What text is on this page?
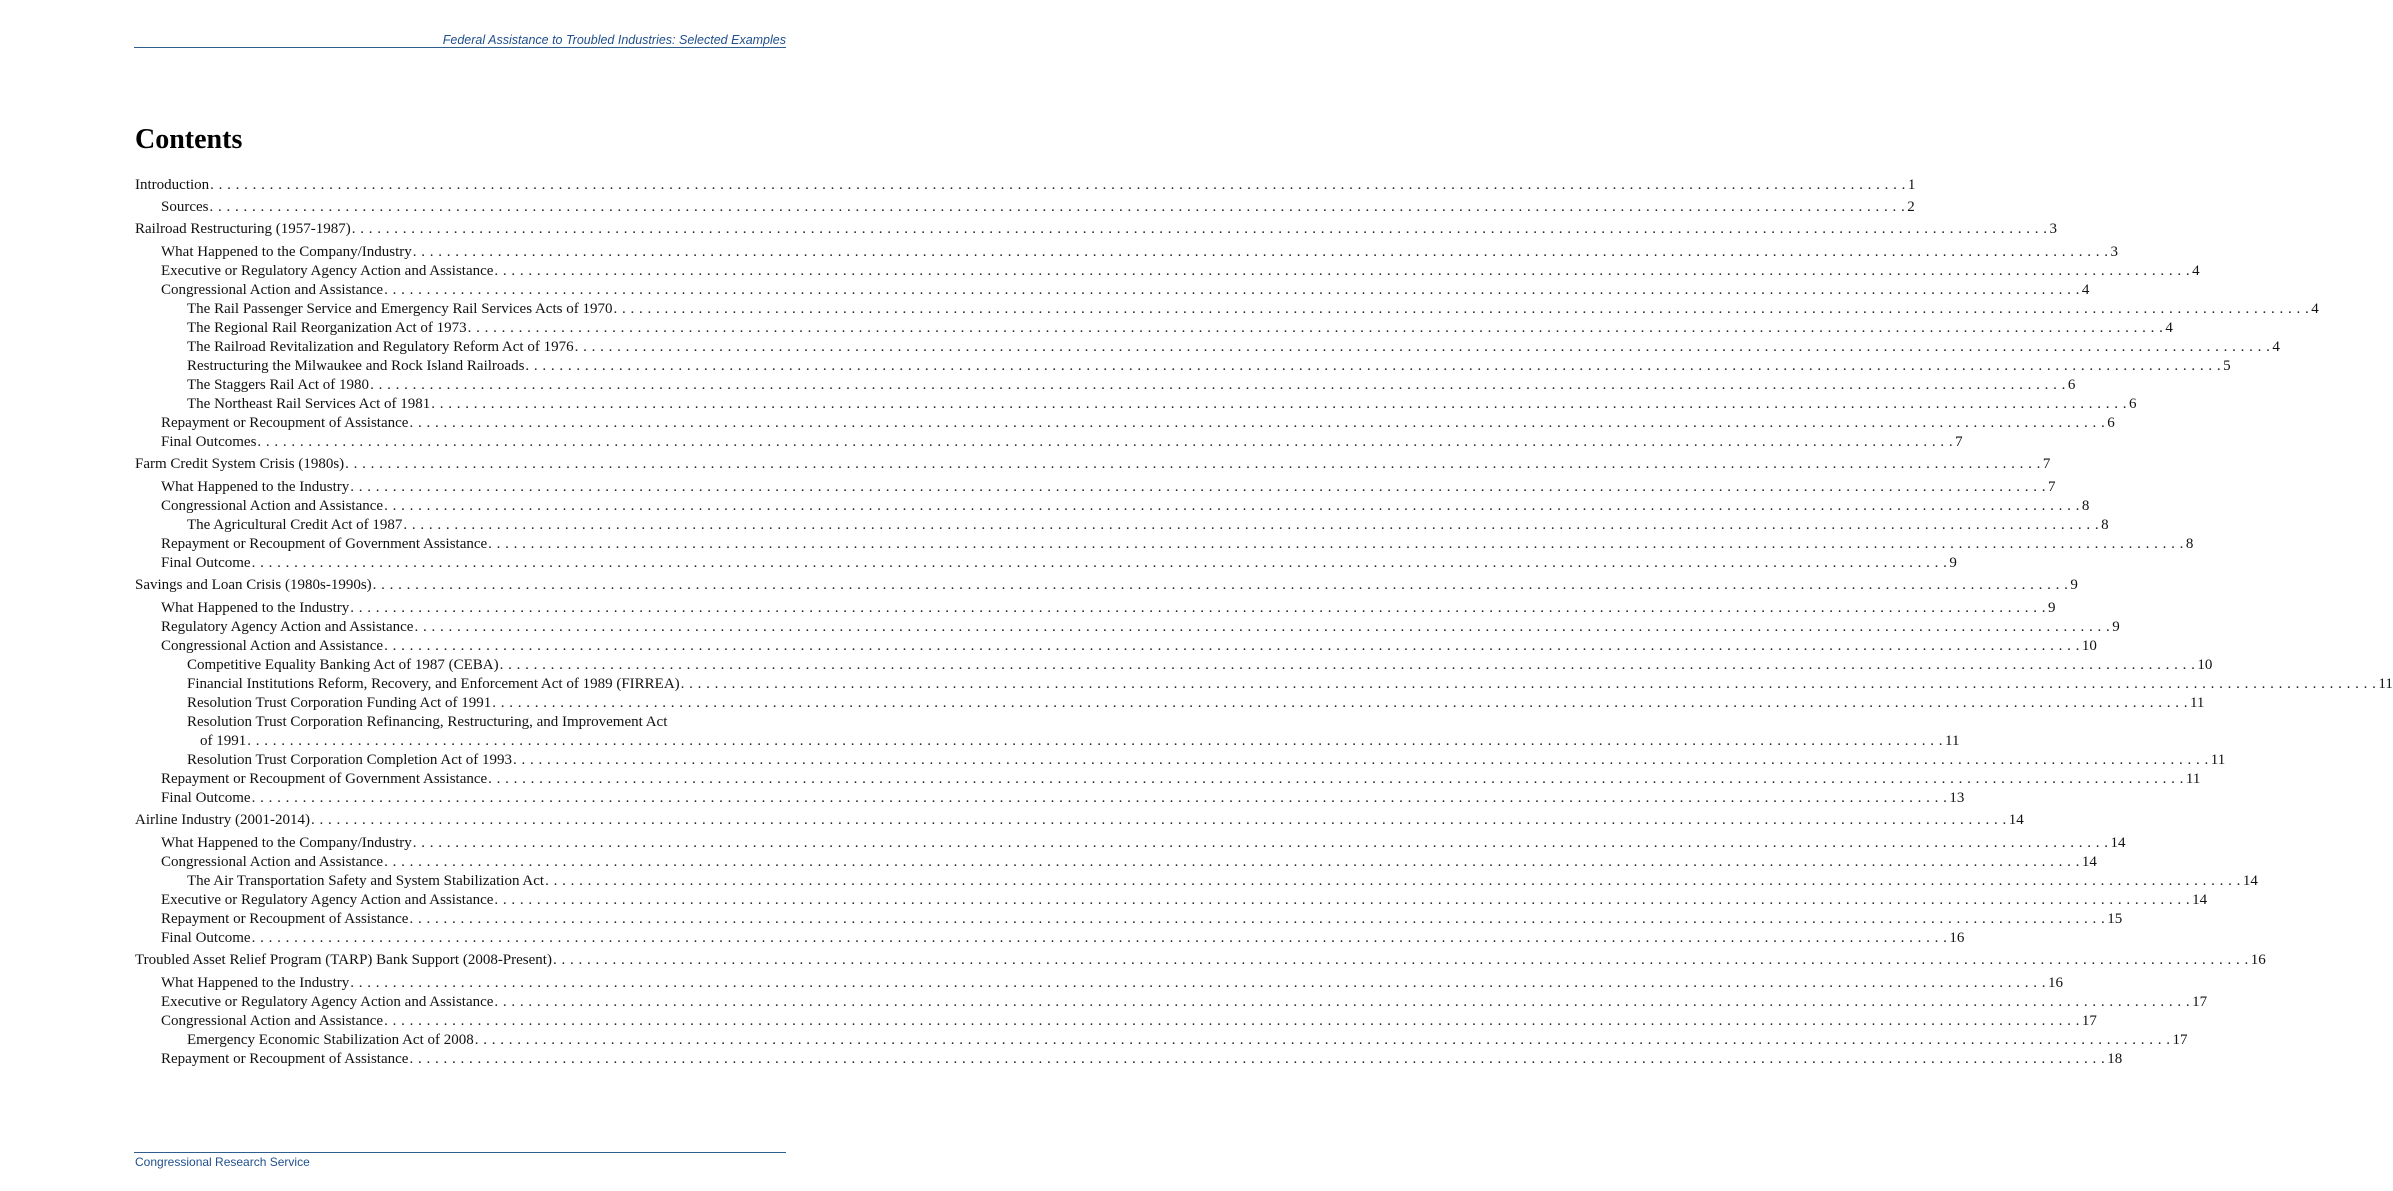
Federal Assistance to Troubled Industries: Selected Examples
Contents
Introduction . . . . . . . . . . . . . . . . . . . . . . . . . . . . . . . . . . . . . . . . . . . . . . . . . . . . . . . . . . . . . . . . . . . . . . . . . . . . . . . . . . . . . . . . . . . . . . . . . . . . . . . . . . . . . . . . . . . . . . . . . . . . . . . . . . . . . . . . . . . . . . . . . . . . . . . . . . . . . . . . . . . . . . . . . . . . . . . . . . . . . . . . . . . . . . . . . . . . . . . . 1
Sources . . . . . . . . . . . . . . . . . . . . . . . . . . . . . . . . . . . . . . . . . . . . . . . . . . . . . . . . . . . . . . . . . . . . . . . . . . . . . . . . . . . . . . . . . . . . . . . . . . . . . . . . . . . . . . . . . . . . . . . . . . . . . . . . . . . . . . . . . . . . . . . . . . . . . . . . . . . . . . . . . . . . . . . . . . . . . . . . . . . . . . . . . . . . . . . . . . . . . . . . 2
Railroad Restructuring (1957-1987) . . . . . . . . . . . . . . . . . . . . . . . . . . . . . . . . . . . . . . . . . . . . . . . . . . . . . . . . . . . . . . . . . . . . . . . . . . . . . . . . . . . . . . . . . . . . . . . . . . . . . . . . . . . . . . . . . . . . . . . . . . . . . . . . . . . . . . . . . . . . . . . . . . . . . . . . . . . . . . . . . . . . . . . . . . . . . . . . . . . . . . . . . . . . . . . . . . . . . . . . 3
What Happened to the Company/Industry . . . . . . . . . . . . . . . . . . . . . . . . . . . . . . . . . . . . . . . . . . . . . . . . . . . . . . . . . . . . . . . . . . . . . . . . . . . . . . . . . . . . . . . . . . . . . . . . . . . . . . . . . . . . . . . . . . . . . . . . . . . . . . . . . . . . . . . . . . . . . . . . . . . . . . . . . . . . . . . . . . . . . . . . . . . . . . . . . . . . . . . . . . . . . . . . . . . . . . . . 3
Executive or Regulatory Agency Action and Assistance . . . . . . . . . . . . . . . . . . . . . . . . . . . . . . . . . . . . . . . . . . . . . . . . . . . . . . . . . . . . . . . . . . . . . . . . . . . . . . . . . . . . . . . . . . . . . . . . . . . . . . . . . . . . . . . . . . . . . . . . . . . . . . . . . . . . . . . . . . . . . . . . . . . . . . . . . . . . . . . . . . . . . . . . . . . . . . . . . . . . . . . . . . . . . . . . . . . . . . . . 4
Congressional Action and Assistance . . . . . . . . . . . . . . . . . . . . . . . . . . . . . . . . . . . . . . . . . . . . . . . . . . . . . . . . . . . . . . . . . . . . . . . . . . . . . . . . . . . . . . . . . . . . . . . . . . . . . . . . . . . . . . . . . . . . . . . . . . . . . . . . . . . . . . . . . . . . . . . . . . . . . . . . . . . . . . . . . . . . . . . . . . . . . . . . . . . . . . . . . . . . . . . . . . . . . . . . 4
The Rail Passenger Service and Emergency Rail Services Acts of 1970 . . . . . . . . . . . . . . . . . . . . . . . . . . . . . . . . . . . . . . . . . . . . . . . . . . . . . . . . . . . . . . . . . . . . . . . . . . . . . . . . . . . . . . . . . . . . . . . . . . . . . . . . . . . . . . . . . . . . . . . . . . . . . . . . . . . . . . . . . . . . . . . . . . . . . . . . . . . . . . . . . . . . . . . . . . . . . . . . . . . . . . . . . . . . . . . . . . . . . . . . 4
The Regional Rail Reorganization Act of 1973 . . . . . . . . . . . . . . . . . . . . . . . . . . . . . . . . . . . . . . . . . . . . . . . . . . . . . . . . . . . . . . . . . . . . . . . . . . . . . . . . . . . . . . . . . . . . . . . . . . . . . . . . . . . . . . . . . . . . . . . . . . . . . . . . . . . . . . . . . . . . . . . . . . . . . . . . . . . . . . . . . . . . . . . . . . . . . . . . . . . . . . . . . . . . . . . . . . . . . . . . 4
The Railroad Revitalization and Regulatory Reform Act of 1976 . . . . . . . . . . . . . . . . . . . . . . . . . . . . . . . . . . . . . . . . . . . . . . . . . . . . . . . . . . . . . . . . . . . . . . . . . . . . . . . . . . . . . . . . . . . . . . . . . . . . . . . . . . . . . . . . . . . . . . . . . . . . . . . . . . . . . . . . . . . . . . . . . . . . . . . . . . . . . . . . . . . . . . . . . . . . . . . . . . . . . . . . . . . . . . . . . . . . . . . . 4
Restructuring the Milwaukee and Rock Island Railroads . . . . . . . . . . . . . . . . . . . . . . . . . . . . . . . . . . . . . . . . . . . . . . . . . . . . . . . . . . . . . . . . . . . . . . . . . . . . . . . . . . . . . . . . . . . . . . . . . . . . . . . . . . . . . . . . . . . . . . . . . . . . . . . . . . . . . . . . . . . . . . . . . . . . . . . . . . . . . . . . . . . . . . . . . . . . . . . . . . . . . . . . . . . . . . . . . . . . . . . . 5
The Staggers Rail Act of 1980 . . . . . . . . . . . . . . . . . . . . . . . . . . . . . . . . . . . . . . . . . . . . . . . . . . . . . . . . . . . . . . . . . . . . . . . . . . . . . . . . . . . . . . . . . . . . . . . . . . . . . . . . . . . . . . . . . . . . . . . . . . . . . . . . . . . . . . . . . . . . . . . . . . . . . . . . . . . . . . . . . . . . . . . . . . . . . . . . . . . . . . . . . . . . . . . . . . . . . . . . 6
The Northeast Rail Services Act of 1981 . . . . . . . . . . . . . . . . . . . . . . . . . . . . . . . . . . . . . . . . . . . . . . . . . . . . . . . . . . . . . . . . . . . . . . . . . . . . . . . . . . . . . . . . . . . . . . . . . . . . . . . . . . . . . . . . . . . . . . . . . . . . . . . . . . . . . . . . . . . . . . . . . . . . . . . . . . . . . . . . . . . . . . . . . . . . . . . . . . . . . . . . . . . . . . . . . . . . . . . . 6
Repayment or Recoupment of Assistance . . . . . . . . . . . . . . . . . . . . . . . . . . . . . . . . . . . . . . . . . . . . . . . . . . . . . . . . . . . . . . . . . . . . . . . . . . . . . . . . . . . . . . . . . . . . . . . . . . . . . . . . . . . . . . . . . . . . . . . . . . . . . . . . . . . . . . . . . . . . . . . . . . . . . . . . . . . . . . . . . . . . . . . . . . . . . . . . . . . . . . . . . . . . . . . . . . . . . . . . 6
Final Outcomes . . . . . . . . . . . . . . . . . . . . . . . . . . . . . . . . . . . . . . . . . . . . . . . . . . . . . . . . . . . . . . . . . . . . . . . . . . . . . . . . . . . . . . . . . . . . . . . . . . . . . . . . . . . . . . . . . . . . . . . . . . . . . . . . . . . . . . . . . . . . . . . . . . . . . . . . . . . . . . . . . . . . . . . . . . . . . . . . . . . . . . . . . . . . . . . . . . . . . . . . 7
Farm Credit System Crisis (1980s) . . . . . . . . . . . . . . . . . . . . . . . . . . . . . . . . . . . . . . . . . . . . . . . . . . . . . . . . . . . . . . . . . . . . . . . . . . . . . . . . . . . . . . . . . . . . . . . . . . . . . . . . . . . . . . . . . . . . . . . . . . . . . . . . . . . . . . . . . . . . . . . . . . . . . . . . . . . . . . . . . . . . . . . . . . . . . . . . . . . . . . . . . . . . . . . . . . . . . . . . 7
What Happened to the Industry . . . . . . . . . . . . . . . . . . . . . . . . . . . . . . . . . . . . . . . . . . . . . . . . . . . . . . . . . . . . . . . . . . . . . . . . . . . . . . . . . . . . . . . . . . . . . . . . . . . . . . . . . . . . . . . . . . . . . . . . . . . . . . . . . . . . . . . . . . . . . . . . . . . . . . . . . . . . . . . . . . . . . . . . . . . . . . . . . . . . . . . . . . . . . . . . . . . . . . . . 7
Congressional Action and Assistance . . . . . . . . . . . . . . . . . . . . . . . . . . . . . . . . . . . . . . . . . . . . . . . . . . . . . . . . . . . . . . . . . . . . . . . . . . . . . . . . . . . . . . . . . . . . . . . . . . . . . . . . . . . . . . . . . . . . . . . . . . . . . . . . . . . . . . . . . . . . . . . . . . . . . . . . . . . . . . . . . . . . . . . . . . . . . . . . . . . . . . . . . . . . . . . . . . . . . . . . 8
The Agricultural Credit Act of 1987 . . . . . . . . . . . . . . . . . . . . . . . . . . . . . . . . . . . . . . . . . . . . . . . . . . . . . . . . . . . . . . . . . . . . . . . . . . . . . . . . . . . . . . . . . . . . . . . . . . . . . . . . . . . . . . . . . . . . . . . . . . . . . . . . . . . . . . . . . . . . . . . . . . . . . . . . . . . . . . . . . . . . . . . . . . . . . . . . . . . . . . . . . . . . . . . . . . . . . . . . 8
Repayment or Recoupment of Government Assistance . . . . . . . . . . . . . . . . . . . . . . . . . . . . . . . . . . . . . . . . . . . . . . . . . . . . . . . . . . . . . . . . . . . . . . . . . . . . . . . . . . . . . . . . . . . . . . . . . . . . . . . . . . . . . . . . . . . . . . . . . . . . . . . . . . . . . . . . . . . . . . . . . . . . . . . . . . . . . . . . . . . . . . . . . . . . . . . . . . . . . . . . . . . . . . . . . . . . . . . . 8
Final Outcome . . . . . . . . . . . . . . . . . . . . . . . . . . . . . . . . . . . . . . . . . . . . . . . . . . . . . . . . . . . . . . . . . . . . . . . . . . . . . . . . . . . . . . . . . . . . . . . . . . . . . . . . . . . . . . . . . . . . . . . . . . . . . . . . . . . . . . . . . . . . . . . . . . . . . . . . . . . . . . . . . . . . . . . . . . . . . . . . . . . . . . . . . . . . . . . . . . . . . . . . 9
Savings and Loan Crisis (1980s-1990s) . . . . . . . . . . . . . . . . . . . . . . . . . . . . . . . . . . . . . . . . . . . . . . . . . . . . . . . . . . . . . . . . . . . . . . . . . . . . . . . . . . . . . . . . . . . . . . . . . . . . . . . . . . . . . . . . . . . . . . . . . . . . . . . . . . . . . . . . . . . . . . . . . . . . . . . . . . . . . . . . . . . . . . . . . . . . . . . . . . . . . . . . . . . . . . . . . . . . . . . . 9
What Happened to the Industry . . . . . . . . . . . . . . . . . . . . . . . . . . . . . . . . . . . . . . . . . . . . . . . . . . . . . . . . . . . . . . . . . . . . . . . . . . . . . . . . . . . . . . . . . . . . . . . . . . . . . . . . . . . . . . . . . . . . . . . . . . . . . . . . . . . . . . . . . . . . . . . . . . . . . . . . . . . . . . . . . . . . . . . . . . . . . . . . . . . . . . . . . . . . . . . . . . . . . . . . 9
Regulatory Agency Action and Assistance . . . . . . . . . . . . . . . . . . . . . . . . . . . . . . . . . . . . . . . . . . . . . . . . . . . . . . . . . . . . . . . . . . . . . . . . . . . . . . . . . . . . . . . . . . . . . . . . . . . . . . . . . . . . . . . . . . . . . . . . . . . . . . . . . . . . . . . . . . . . . . . . . . . . . . . . . . . . . . . . . . . . . . . . . . . . . . . . . . . . . . . . . . . . . . . . . . . . . . . . 9
Congressional Action and Assistance . . . . . . . . . . . . . . . . . . . . . . . . . . . . . . . . . . . . . . . . . . . . . . . . . . . . . . . . . . . . . . . . . . . . . . . . . . . . . . . . . . . . . . . . . . . . . . . . . . . . . . . . . . . . . . . . . . . . . . . . . . . . . . . . . . . . . . . . . . . . . . . . . . . . . . . . . . . . . . . . . . . . . . . . . . . . . . . . . . . . . . . . . . . . . . . . . . . . . . . . 10
Competitive Equality Banking Act of 1987 (CEBA) . . . . . . . . . . . . . . . . . . . . . . . . . . . . . . . . . . . . . . . . . . . . . . . . . . . . . . . . . . . . . . . . . . . . . . . . . . . . . . . . . . . . . . . . . . . . . . . . . . . . . . . . . . . . . . . . . . . . . . . . . . . . . . . . . . . . . . . . . . . . . . . . . . . . . . . . . . . . . . . . . . . . . . . . . . . . . . . . . . . . . . . . . . . . . . . . . . . . . . . . 10
Financial Institutions Reform, Recovery, and Enforcement Act of 1989 (FIRREA) . . . . . . . . . . . . . . . . . . . . . . . . . . . . . . . . . . . . . . . . . . . . . . . . . . . . . . . . . . . . . . . . . . . . . . . . . . . . . . . . . . . . . . . . . . . . . . . . . . . . . . . . . . . . . . . . . . . . . . . . . . . . . . . . . . . . . . . . . . . . . . . . . . . . . . . . . . . . . . . . . . . . . . . . . . . . . . . . . . . . . . . . . . . . . . . . . . . . . . . . 11
Resolution Trust Corporation Funding Act of 1991 . . . . . . . . . . . . . . . . . . . . . . . . . . . . . . . . . . . . . . . . . . . . . . . . . . . . . . . . . . . . . . . . . . . . . . . . . . . . . . . . . . . . . . . . . . . . . . . . . . . . . . . . . . . . . . . . . . . . . . . . . . . . . . . . . . . . . . . . . . . . . . . . . . . . . . . . . . . . . . . . . . . . . . . . . . . . . . . . . . . . . . . . . . . . . . . . . . . . . . . . 11
Resolution Trust Corporation Refinancing, Restructuring, and Improvement Act
of 1991 . . . . . . . . . . . . . . . . . . . . . . . . . . . . . . . . . . . . . . . . . . . . . . . . . . . . . . . . . . . . . . . . . . . . . . . . . . . . . . . . . . . . . . . . . . . . . . . . . . . . . . . . . . . . . . . . . . . . . . . . . . . . . . . . . . . . . . . . . . . . . . . . . . . . . . . . . . . . . . . . . . . . . . . . . . . . . . . . . . . . . . . . . . . . . . . . . . . . . . . . 11
Resolution Trust Corporation Completion Act of 1993 . . . . . . . . . . . . . . . . . . . . . . . . . . . . . . . . . . . . . . . . . . . . . . . . . . . . . . . . . . . . . . . . . . . . . . . . . . . . . . . . . . . . . . . . . . . . . . . . . . . . . . . . . . . . . . . . . . . . . . . . . . . . . . . . . . . . . . . . . . . . . . . . . . . . . . . . . . . . . . . . . . . . . . . . . . . . . . . . . . . . . . . . . . . . . . . . . . . . . . . . 11
Repayment or Recoupment of Government Assistance . . . . . . . . . . . . . . . . . . . . . . . . . . . . . . . . . . . . . . . . . . . . . . . . . . . . . . . . . . . . . . . . . . . . . . . . . . . . . . . . . . . . . . . . . . . . . . . . . . . . . . . . . . . . . . . . . . . . . . . . . . . . . . . . . . . . . . . . . . . . . . . . . . . . . . . . . . . . . . . . . . . . . . . . . . . . . . . . . . . . . . . . . . . . . . . . . . . . . . . . 11
Final Outcome . . . . . . . . . . . . . . . . . . . . . . . . . . . . . . . . . . . . . . . . . . . . . . . . . . . . . . . . . . . . . . . . . . . . . . . . . . . . . . . . . . . . . . . . . . . . . . . . . . . . . . . . . . . . . . . . . . . . . . . . . . . . . . . . . . . . . . . . . . . . . . . . . . . . . . . . . . . . . . . . . . . . . . . . . . . . . . . . . . . . . . . . . . . . . . . . . . . . . . . . 13
Airline Industry (2001-2014) . . . . . . . . . . . . . . . . . . . . . . . . . . . . . . . . . . . . . . . . . . . . . . . . . . . . . . . . . . . . . . . . . . . . . . . . . . . . . . . . . . . . . . . . . . . . . . . . . . . . . . . . . . . . . . . . . . . . . . . . . . . . . . . . . . . . . . . . . . . . . . . . . . . . . . . . . . . . . . . . . . . . . . . . . . . . . . . . . . . . . . . . . . . . . . . . . . . . . . . . 14
What Happened to the Company/Industry . . . . . . . . . . . . . . . . . . . . . . . . . . . . . . . . . . . . . . . . . . . . . . . . . . . . . . . . . . . . . . . . . . . . . . . . . . . . . . . . . . . . . . . . . . . . . . . . . . . . . . . . . . . . . . . . . . . . . . . . . . . . . . . . . . . . . . . . . . . . . . . . . . . . . . . . . . . . . . . . . . . . . . . . . . . . . . . . . . . . . . . . . . . . . . . . . . . . . . . . 14
Congressional Action and Assistance . . . . . . . . . . . . . . . . . . . . . . . . . . . . . . . . . . . . . . . . . . . . . . . . . . . . . . . . . . . . . . . . . . . . . . . . . . . . . . . . . . . . . . . . . . . . . . . . . . . . . . . . . . . . . . . . . . . . . . . . . . . . . . . . . . . . . . . . . . . . . . . . . . . . . . . . . . . . . . . . . . . . . . . . . . . . . . . . . . . . . . . . . . . . . . . . . . . . . . . . 14
The Air Transportation Safety and System Stabilization Act . . . . . . . . . . . . . . . . . . . . . . . . . . . . . . . . . . . . . . . . . . . . . . . . . . . . . . . . . . . . . . . . . . . . . . . . . . . . . . . . . . . . . . . . . . . . . . . . . . . . . . . . . . . . . . . . . . . . . . . . . . . . . . . . . . . . . . . . . . . . . . . . . . . . . . . . . . . . . . . . . . . . . . . . . . . . . . . . . . . . . . . . . . . . . . . . . . . . . . . . 14
Executive or Regulatory Agency Action and Assistance . . . . . . . . . . . . . . . . . . . . . . . . . . . . . . . . . . . . . . . . . . . . . . . . . . . . . . . . . . . . . . . . . . . . . . . . . . . . . . . . . . . . . . . . . . . . . . . . . . . . . . . . . . . . . . . . . . . . . . . . . . . . . . . . . . . . . . . . . . . . . . . . . . . . . . . . . . . . . . . . . . . . . . . . . . . . . . . . . . . . . . . . . . . . . . . . . . . . . . . . 14
Repayment or Recoupment of Assistance . . . . . . . . . . . . . . . . . . . . . . . . . . . . . . . . . . . . . . . . . . . . . . . . . . . . . . . . . . . . . . . . . . . . . . . . . . . . . . . . . . . . . . . . . . . . . . . . . . . . . . . . . . . . . . . . . . . . . . . . . . . . . . . . . . . . . . . . . . . . . . . . . . . . . . . . . . . . . . . . . . . . . . . . . . . . . . . . . . . . . . . . . . . . . . . . . . . . . . . . 15
Final Outcome . . . . . . . . . . . . . . . . . . . . . . . . . . . . . . . . . . . . . . . . . . . . . . . . . . . . . . . . . . . . . . . . . . . . . . . . . . . . . . . . . . . . . . . . . . . . . . . . . . . . . . . . . . . . . . . . . . . . . . . . . . . . . . . . . . . . . . . . . . . . . . . . . . . . . . . . . . . . . . . . . . . . . . . . . . . . . . . . . . . . . . . . . . . . . . . . . . . . . . . . 16
Troubled Asset Relief Program (TARP) Bank Support (2008-Present) . . . . . . . . . . . . . . . . . . . . . . . . . . . . . . . . . . . . . . . . . . . . . . . . . . . . . . . . . . . . . . . . . . . . . . . . . . . . . . . . . . . . . . . . . . . . . . . . . . . . . . . . . . . . . . . . . . . . . . . . . . . . . . . . . . . . . . . . . . . . . . . . . . . . . . . . . . . . . . . . . . . . . . . . . . . . . . . . . . . . . . . . . . . . . . . . . . . . . . . . 16
What Happened to the Industry . . . . . . . . . . . . . . . . . . . . . . . . . . . . . . . . . . . . . . . . . . . . . . . . . . . . . . . . . . . . . . . . . . . . . . . . . . . . . . . . . . . . . . . . . . . . . . . . . . . . . . . . . . . . . . . . . . . . . . . . . . . . . . . . . . . . . . . . . . . . . . . . . . . . . . . . . . . . . . . . . . . . . . . . . . . . . . . . . . . . . . . . . . . . . . . . . . . . . . . . 16
Executive or Regulatory Agency Action and Assistance . . . . . . . . . . . . . . . . . . . . . . . . . . . . . . . . . . . . . . . . . . . . . . . . . . . . . . . . . . . . . . . . . . . . . . . . . . . . . . . . . . . . . . . . . . . . . . . . . . . . . . . . . . . . . . . . . . . . . . . . . . . . . . . . . . . . . . . . . . . . . . . . . . . . . . . . . . . . . . . . . . . . . . . . . . . . . . . . . . . . . . . . . . . . . . . . . . . . . . . . 17
Congressional Action and Assistance . . . . . . . . . . . . . . . . . . . . . . . . . . . . . . . . . . . . . . . . . . . . . . . . . . . . . . . . . . . . . . . . . . . . . . . . . . . . . . . . . . . . . . . . . . . . . . . . . . . . . . . . . . . . . . . . . . . . . . . . . . . . . . . . . . . . . . . . . . . . . . . . . . . . . . . . . . . . . . . . . . . . . . . . . . . . . . . . . . . . . . . . . . . . . . . . . . . . . . . . 17
Emergency Economic Stabilization Act of 2008 . . . . . . . . . . . . . . . . . . . . . . . . . . . . . . . . . . . . . . . . . . . . . . . . . . . . . . . . . . . . . . . . . . . . . . . . . . . . . . . . . . . . . . . . . . . . . . . . . . . . . . . . . . . . . . . . . . . . . . . . . . . . . . . . . . . . . . . . . . . . . . . . . . . . . . . . . . . . . . . . . . . . . . . . . . . . . . . . . . . . . . . . . . . . . . . . . . . . . . . . 17
Repayment or Recoupment of Assistance . . . . . . . . . . . . . . . . . . . . . . . . . . . . . . . . . . . . . . . . . . . . . . . . . . . . . . . . . . . . . . . . . . . . . . . . . . . . . . . . . . . . . . . . . . . . . . . . . . . . . . . . . . . . . . . . . . . . . . . . . . . . . . . . . . . . . . . . . . . . . . . . . . . . . . . . . . . . . . . . . . . . . . . . . . . . . . . . . . . . . . . . . . . . . . . . . . . . . . . . 18
Congressional Research Service
